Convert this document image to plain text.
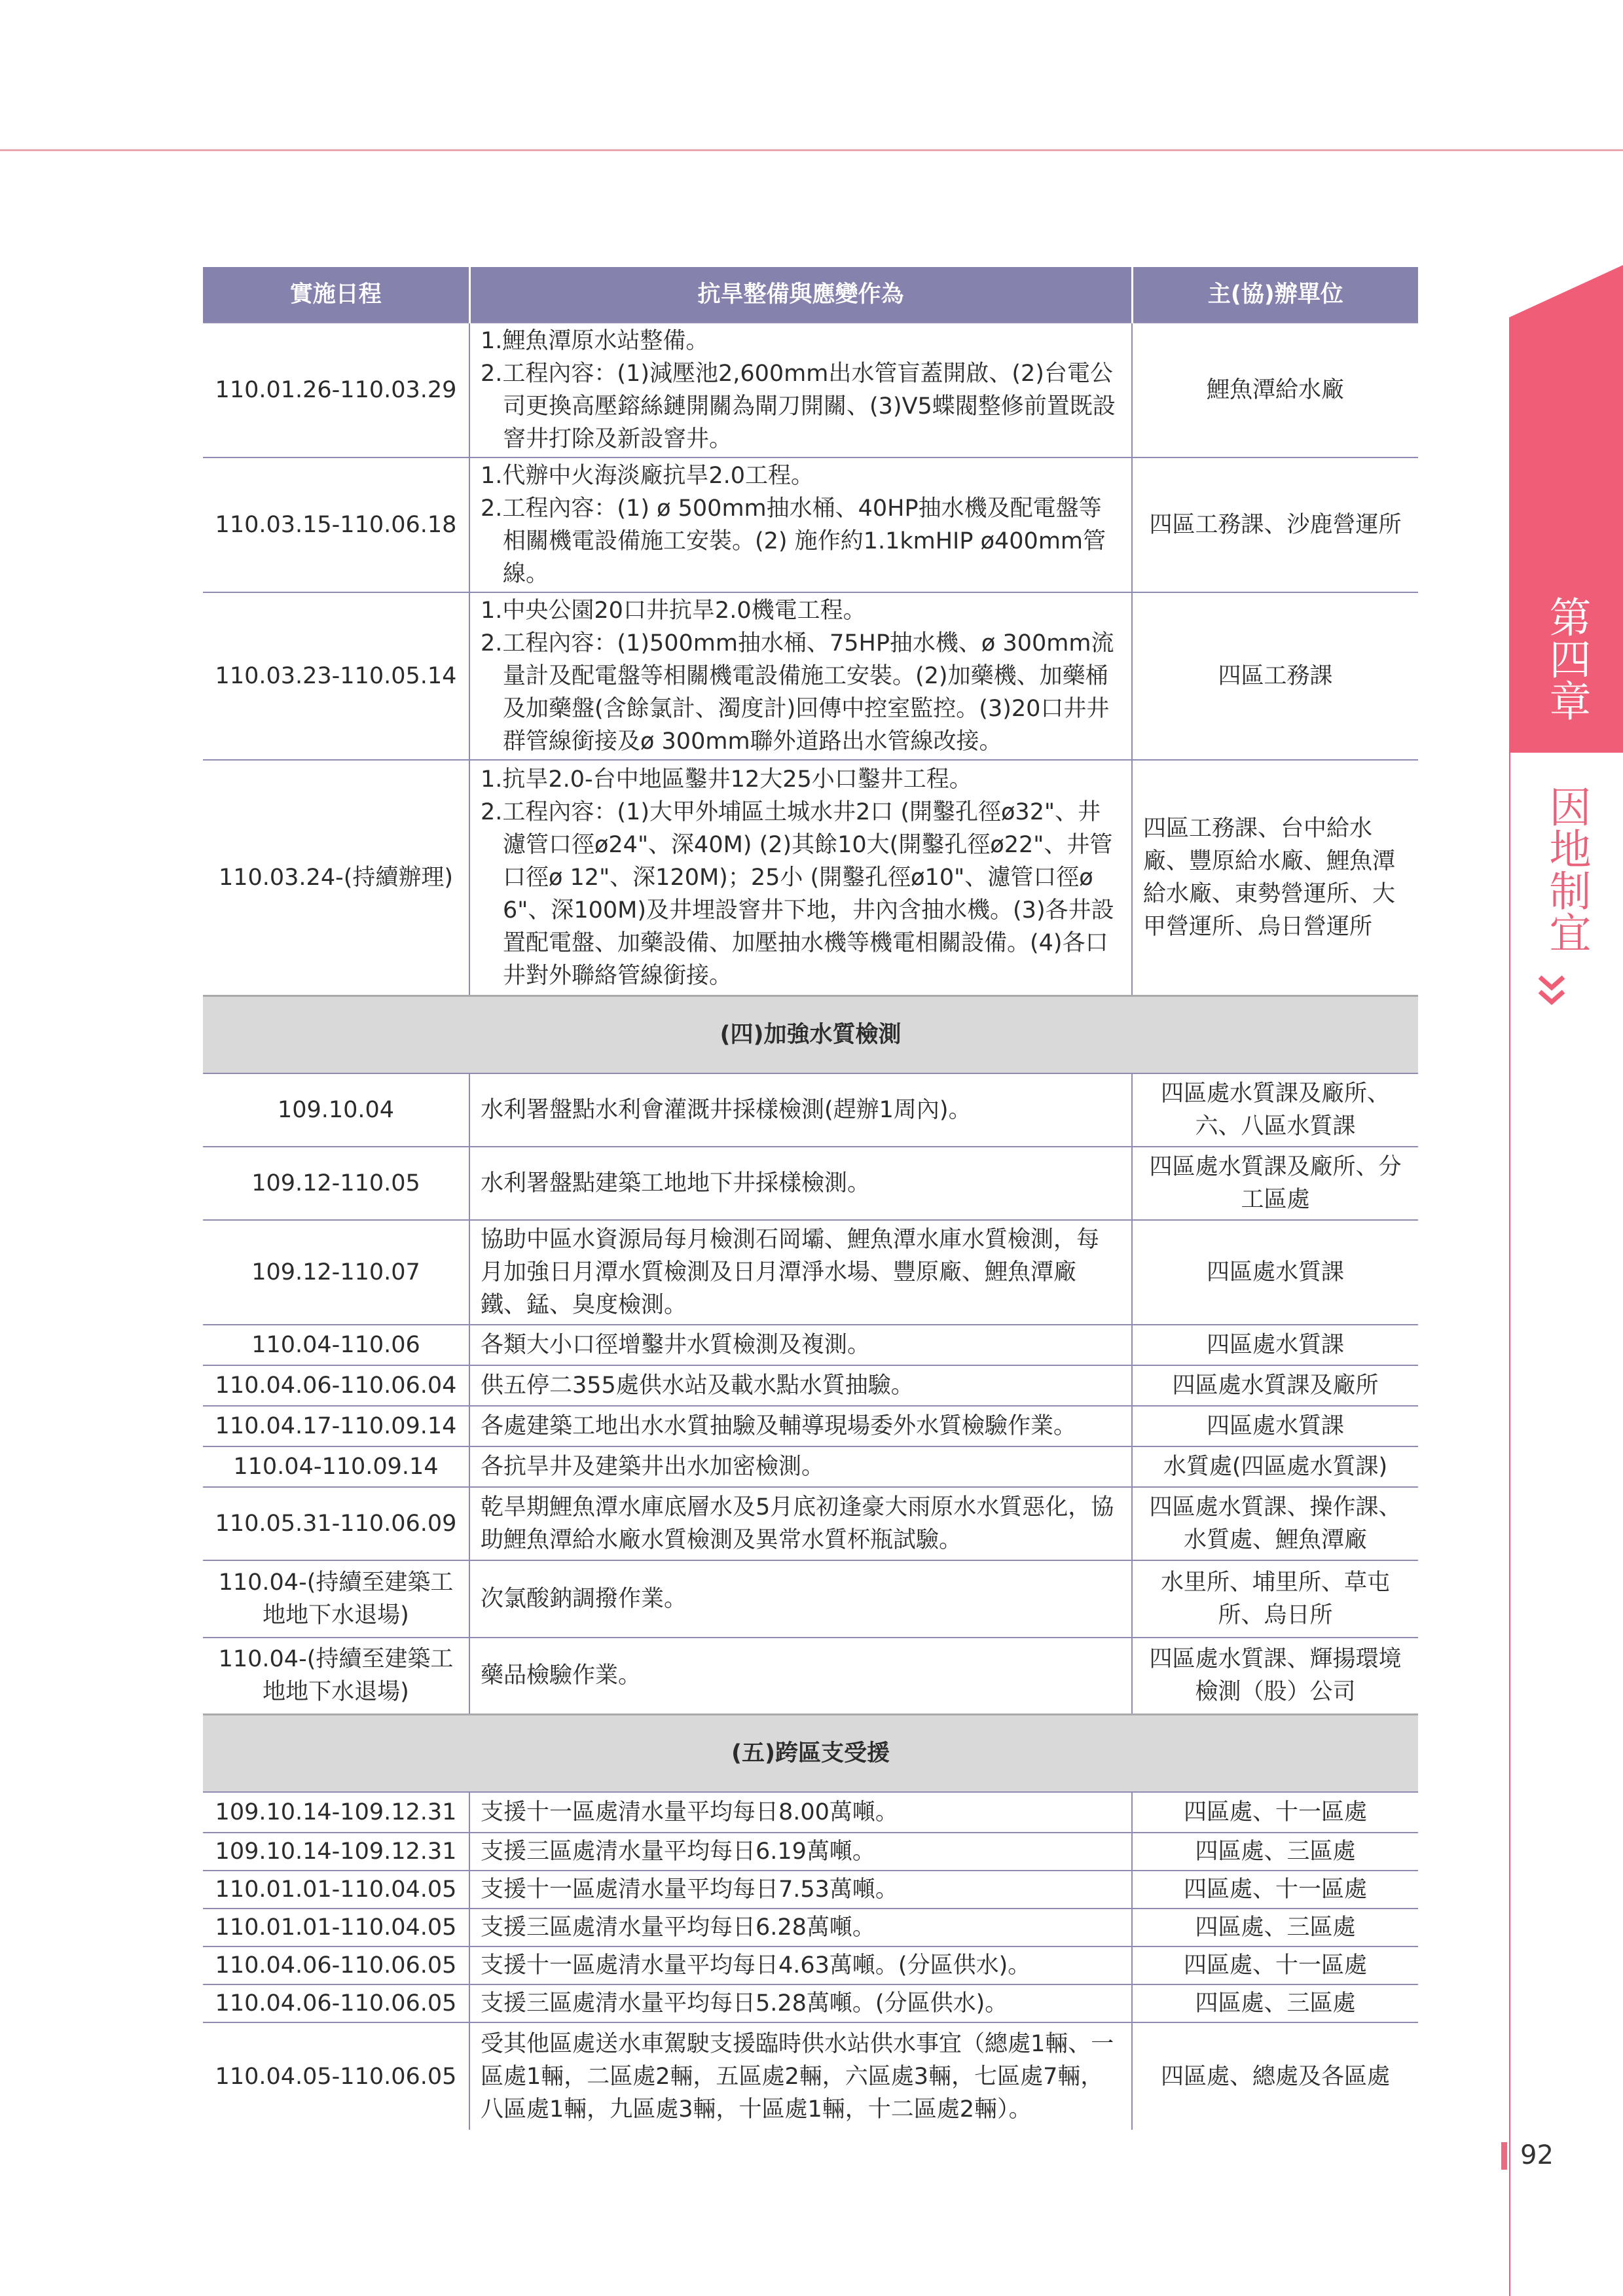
第四章
因地制宜
實施日程	抗旱整備與應變作為	主(協)辦單位
110.01.26-110.03.29	1.鯉魚潭原水站整備。
2.工程內容：(1)減壓池2,600mm出水管盲蓋開啟、(2)台電公司更換高壓鎔絲鏈開關為閘刀開關、(3)V5蝶閥整修前置既設窨井打除及新設窨井。	鯉魚潭給水廠
110.03.15-110.06.18	1.代辦中火海淡廠抗旱2.0工程。
2.工程內容：(1) ø 500mm抽水桶、40HP抽水機及配電盤等相關機電設備施工安裝。(2) 施作約1.1kmHIP ø400mm管線。	四區工務課、沙鹿營運所
110.03.23-110.05.14	1.中央公園20口井抗旱2.0機電工程。
2.工程內容：(1)500mm抽水桶、75HP抽水機、ø 300mm流量計及配電盤等相關機電設備施工安裝。(2)加藥機、加藥桶及加藥盤(含餘氯計、濁度計)回傳中控室監控。(3)20口井井群管線銜接及ø 300mm聯外道路出水管線改接。	四區工務課
110.03.24-(持續辦理)	1.抗旱2.0-台中地區鑿井12大25小口鑿井工程。
2.工程內容：(1)大甲外埔區土城水井2口 (開鑿孔徑ø32"、井濾管口徑ø24"、深40M) (2)其餘10大(開鑿孔徑ø22"、井管口徑ø 12"、深120M)；25小 (開鑿孔徑ø10"、濾管口徑ø 6"、深100M)及井埋設窨井下地，井內含抽水機。(3)各井設置配電盤、加藥設備、加壓抽水機等機電相關設備。(4)各口井對外聯絡管線銜接。	四區工務課、台中給水廠、豐原給水廠、鯉魚潭給水廠、東勢營運所、大甲營運所、烏日營運所
(四)加強水質檢測		
109.10.04	水利署盤點水利會灌溉井採樣檢測(趕辦1周內)。	四區處水質課及廠所、六、八區水質課
109.12-110.05	水利署盤點建築工地地下井採樣檢測。	四區處水質課及廠所、分工區處
109.12-110.07	協助中區水資源局每月檢測石岡壩、鯉魚潭水庫水質檢測，每月加強日月潭水質檢測及日月潭淨水場、豐原廠、鯉魚潭廠鐵、錳、臭度檢測。	四區處水質課
110.04-110.06	各類大小口徑增鑿井水質檢測及複測。	四區處水質課
110.04.06-110.06.04	供五停二355處供水站及載水點水質抽驗。	四區處水質課及廠所
110.04.17-110.09.14	各處建築工地出水水質抽驗及輔導現場委外水質檢驗作業。	四區處水質課
110.04-110.09.14	各抗旱井及建築井出水加密檢測。	水質處(四區處水質課)
110.05.31-110.06.09	乾旱期鯉魚潭水庫底層水及5月底初逢豪大雨原水水質惡化，協助鯉魚潭給水廠水質檢測及異常水質杯瓶試驗。	四區處水質課、操作課、水質處、鯉魚潭廠
110.04-(持續至建築工地地下水退場)	次氯酸鈉調撥作業。	水里所、埔里所、草屯所、烏日所
110.04-(持續至建築工地地下水退場)	藥品檢驗作業。	四區處水質課、輝揚環境檢測（股）公司
(五)跨區支受援		
109.10.14-109.12.31	支援十一區處清水量平均每日8.00萬噸。	四區處、十一區處
109.10.14-109.12.31	支援三區處清水量平均每日6.19萬噸。	四區處、三區處
110.01.01-110.04.05	支援十一區處清水量平均每日7.53萬噸。	四區處、十一區處
110.01.01-110.04.05	支援三區處清水量平均每日6.28萬噸。	四區處、三區處
110.04.06-110.06.05	支援十一區處清水量平均每日4.63萬噸。(分區供水)。	四區處、十一區處
110.04.06-110.06.05	支援三區處清水量平均每日5.28萬噸。(分區供水)。	四區處、三區處
110.04.05-110.06.05	受其他區處送水車駕駛支援臨時供水站供水事宜（總處1輛、一區處1輛，二區處2輛，五區處2輛，六區處3輛，七區處7輛，八區處1輛，九區處3輛，十區處1輛，十二區處2輛）。	四區處、總處及各區處
92
